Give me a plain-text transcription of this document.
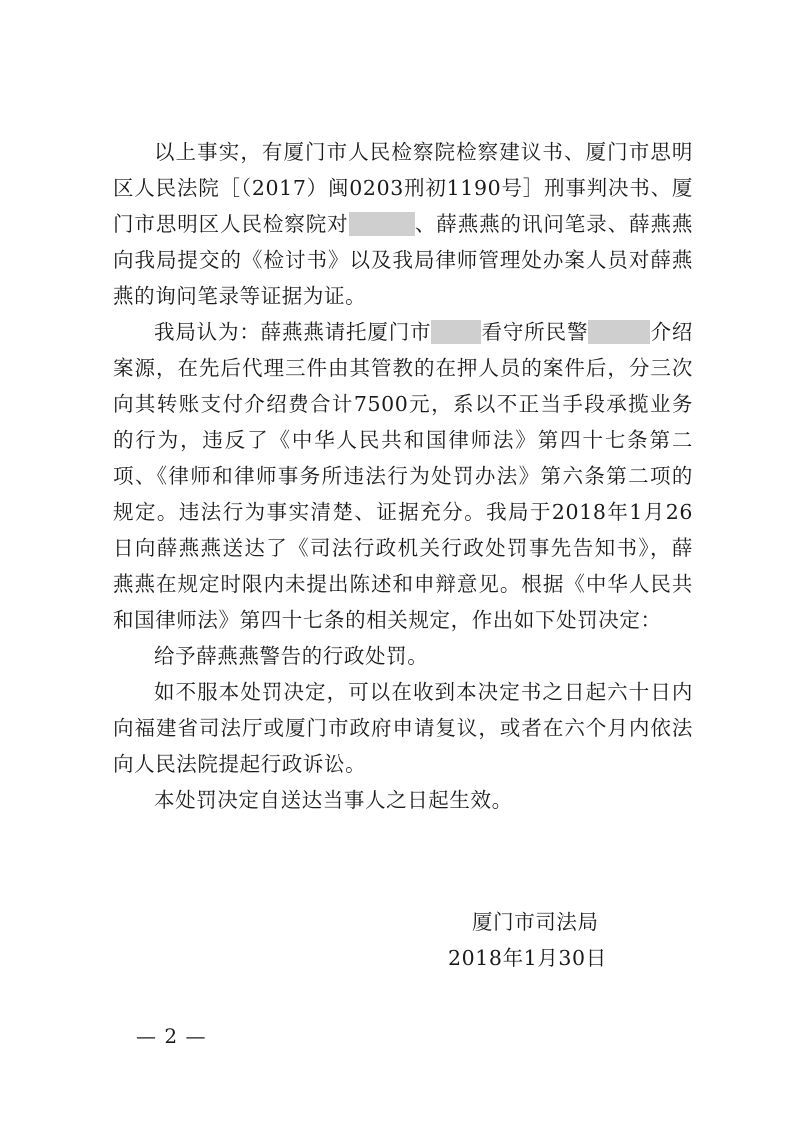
以上事实，有厦门市人民检察院检察建议书、厦门市思明区人民法院［（2017）闽0203刑初1190号］刑事判决书、厦门市思明区人民检察院对	、薛燕燕的讯问笔录、薛燕燕向我局提交的《检讨书》以及我局律师管理处办案人员对薛燕燕的询问笔录等证据为证。

我局认为：薛燕燕请托厦门市 看守所民警	介绍案源，在先后代理三件由其管教的在押人员的案件后，分三次向其转账支付介绍费合计7500元，系以不正当手段承揽业务的行为，违反了《中华人民共和国律师法》第四十七条第二项、《律师和律师事务所违法行为处罚办法》第六条第二项的规定。违法行为事实清楚、证据充分。我局于2018年1月26日向薛燕燕送达了《司法行政机关行政处罚事先告知书》，薛燕燕在规定时限内未提出陈述和申辩意见。根据《中华人民共和国律师法》第四十七条的相关规定，作出如下处罚决定：

给予薛燕燕警告的行政处罚。

如不服本处罚决定，可以在收到本决定书之日起六十日内向福建省司法厅或厦门市政府申请复议，或者在六个月内依法向人民法院提起行政诉讼。

本处罚决定自送达当事人之日起生效。

厦门市司法局

2018年1月30日

— 2 —
